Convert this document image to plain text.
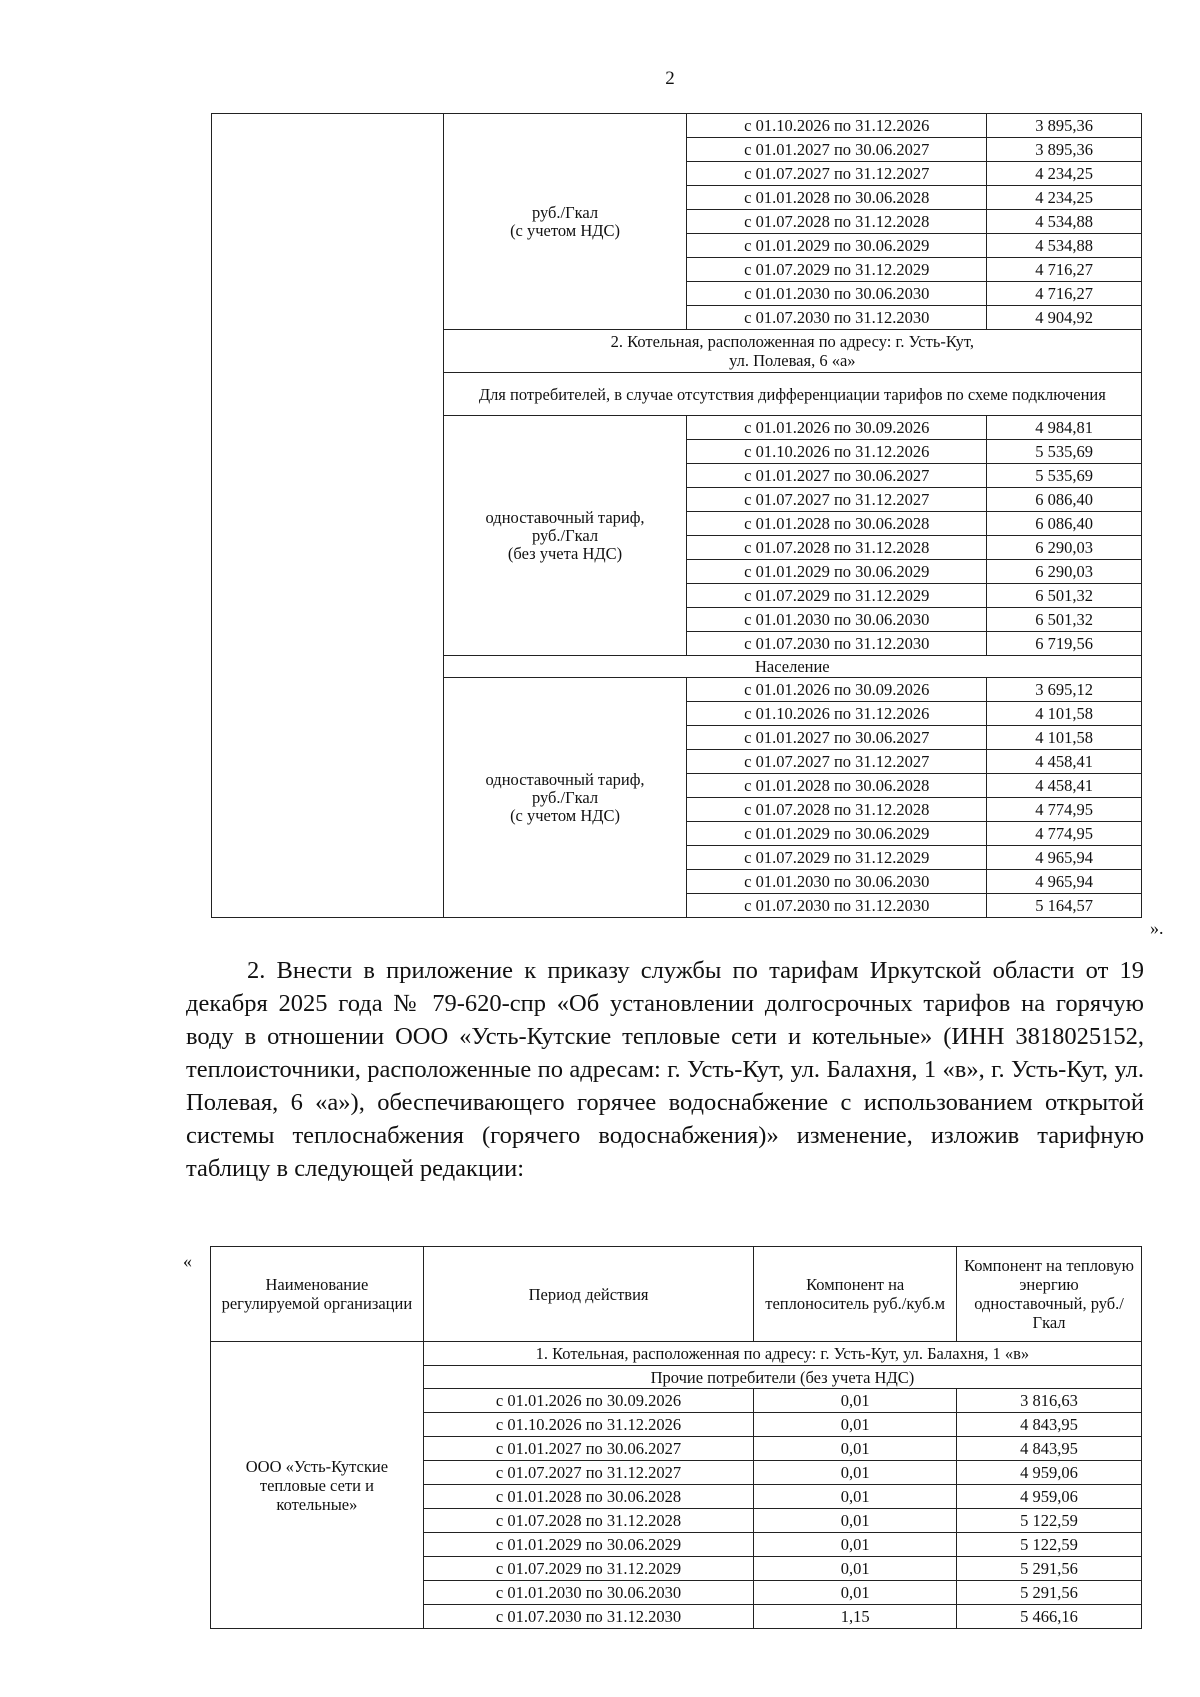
2
	руб./Гкал
(с учетом НДС)	с 01.10.2026 по 31.12.2026	3 895,36
		с 01.01.2027 по 30.06.2027	3 895,36
		с 01.07.2027 по 31.12.2027	4 234,25
		с 01.01.2028 по 30.06.2028	4 234,25
		с 01.07.2028 по 31.12.2028	4 534,88
		с 01.01.2029 по 30.06.2029	4 534,88
		с 01.07.2029 по 31.12.2029	4 716,27
		с 01.01.2030 по 30.06.2030	4 716,27
		с 01.07.2030 по 31.12.2030	4 904,92
	2. Котельная, расположенная по адресу: г. Усть-Кут,
ул. Полевая, 6 «а»		
	Для потребителей, в случае отсутствия дифференциации тарифов по схеме подключения		
	одноставочный тариф,
руб./Гкал
(без учета НДС)	с 01.01.2026 по 30.09.2026	4 984,81
		с 01.10.2026 по 31.12.2026	5 535,69
		с 01.01.2027 по 30.06.2027	5 535,69
		с 01.07.2027 по 31.12.2027	6 086,40
		с 01.01.2028 по 30.06.2028	6 086,40
		с 01.07.2028 по 31.12.2028	6 290,03
		с 01.01.2029 по 30.06.2029	6 290,03
		с 01.07.2029 по 31.12.2029	6 501,32
		с 01.01.2030 по 30.06.2030	6 501,32
		с 01.07.2030 по 31.12.2030	6 719,56
	Население		
	одноставочный тариф,
руб./Гкал
(с учетом НДС)	с 01.01.2026 по 30.09.2026	3 695,12
		с 01.10.2026 по 31.12.2026	4 101,58
		с 01.01.2027 по 30.06.2027	4 101,58
		с 01.07.2027 по 31.12.2027	4 458,41
		с 01.01.2028 по 30.06.2028	4 458,41
		с 01.07.2028 по 31.12.2028	4 774,95
		с 01.01.2029 по 30.06.2029	4 774,95
		с 01.07.2029 по 31.12.2029	4 965,94
		с 01.01.2030 по 30.06.2030	4 965,94
		с 01.07.2030 по 31.12.2030	5 164,57
».

2. Внести в приложение к приказу службы по тарифам Иркутской области от 19 декабря 2025 года № 79-620-спр «Об установлении долгосрочных тарифов на горячую воду в отношении ООО «Усть-Кутские тепловые сети и котельные» (ИНН 3818025152, теплоисточники, расположенные по адресам: г. Усть-Кут, ул. Балахня, 1 «в», г. Усть-Кут, ул. Полевая, 6 «а»), обеспечивающего горячее водоснабжение с использованием открытой системы теплоснабжения (горячего водоснабжения)» изменение, изложив тарифную таблицу в следующей редакции:

«
Наименование регулируемой организации	Период действия	Компонент на теплоноситель руб./куб.м	Компонент на тепловую энергию одноставочный, руб./Гкал
ООО «Усть-Кутские тепловые сети и котельные»	1. Котельная, расположенная по адресу: г. Усть-Кут, ул. Балахня, 1 «в»		
	Прочие потребители (без учета НДС)		
	с 01.01.2026 по 30.09.2026	0,01	3 816,63
	с 01.10.2026 по 31.12.2026	0,01	4 843,95
	с 01.01.2027 по 30.06.2027	0,01	4 843,95
	с 01.07.2027 по 31.12.2027	0,01	4 959,06
	с 01.01.2028 по 30.06.2028	0,01	4 959,06
	с 01.07.2028 по 31.12.2028	0,01	5 122,59
	с 01.01.2029 по 30.06.2029	0,01	5 122,59
	с 01.07.2029 по 31.12.2029	0,01	5 291,56
	с 01.01.2030 по 30.06.2030	0,01	5 291,56
	с 01.07.2030 по 31.12.2030	1,15	5 466,16
